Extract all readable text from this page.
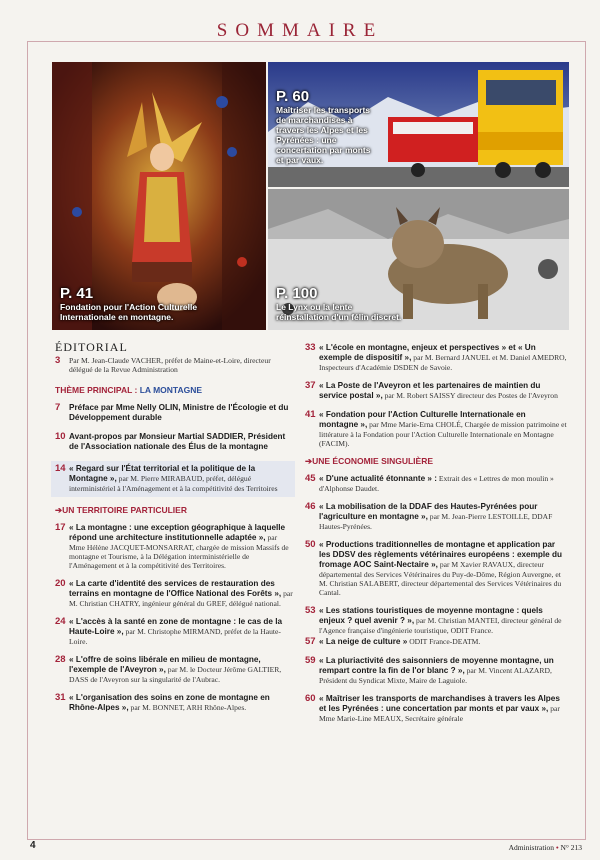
SOMMAIRE
P. 41
Fondation pour l'Action Culturelle Internationale en montagne.
P. 60
Maîtriser les transports de marchandises à travers les Alpes et les Pyrénées : une concertation par monts et par vaux.
P. 100
Le Lynx ou la lente réinstallation d'un félin discret.
ÉDITORIAL
3 Par M. Jean-Claude VACHER, préfet de Maine-et-Loire, directeur délégué de la Revue Administration
THÈME PRINCIPAL : LA MONTAGNE
7 Préface par Mme Nelly OLIN, Ministre de l'Écologie et du Développement durable
10 Avant-propos par Monsieur Martial SADDIER, Président de l'Association nationale des Élus de la montagne
14 « Regard sur l'État territorial et la politique de la Montagne », par M. Pierre MIRABAUD, préfet, délégué interministériel à l'Aménagement et à la compétitivité des Territoires
➔UN TERRITOIRE PARTICULIER
17 « La montagne : une exception géographique à laquelle répond une architecture institutionnelle adaptée », par Mme Hélène JACQUET-MONSARRAT, chargée de mission Massifs de montagne et Tourisme, à la Délégation interministérielle de l'Aménagement et à la compétitivité des Territoires.
20 « La carte d'identité des services de restauration des terrains en montagne de l'Office National des Forêts », par M. Christian CHATRY, ingénieur général du GREF, délégué national.
24 « L'accès à la santé en zone de montagne : le cas de la Haute-Loire », par M. Christophe MIRMAND, préfet de la Haute-Loire.
28 « L'offre de soins libérale en milieu de montagne, l'exemple de l'Aveyron », par M. le Docteur Jérôme GALTIER, DASS de l'Aveyron sur la singularité de l'Aubrac.
31 « L'organisation des soins en zone de montagne en Rhône-Alpes », par M. BONNET, ARH Rhône-Alpes.
33 « L'école en montagne, enjeux et perspectives » et « Un exemple de dispositif », par M. Bernard JANUEL et M. Daniel AMEDRO, Inspecteurs d'Académie DSDEN de Savoie.
37 « La Poste de l'Aveyron et les partenaires de maintien du service postal », par M. Robert SAISSY directeur des Postes de l'Aveyron
41 « Fondation pour l'Action Culturelle Internationale en montagne », par Mme Marie-Erna CHOLÉ, Chargée de mission patrimoine et littérature à la Fondation pour l'Action Culturelle Internationale en Montagne (FACIM).
➔UNE ÉCONOMIE SINGULIÈRE
45 « D'une actualité étonnante » : Extrait des « Lettres de mon moulin » d'Alphonse Daudet.
46 « La mobilisation de la DDAF des Hautes-Pyrénées pour l'agriculture en montagne », par M. Jean-Pierre LESTOILLE, DDAF Hautes-Pyrénées.
50 « Productions traditionnelles de montagne et application par les DDSV des règlements vétérinaires européens : exemple du fromage AOC Saint-Nectaire », par M Xavier RAVAUX, directeur départemental des Services Vétérinaires du Puy-de-Dôme, Région Auvergne, et M. Christian SALABERT, directeur départemental des Services Vétérinaires du Cantal.
53 « Les stations touristiques de moyenne montagne : quels enjeux ? quel avenir ? », par M. Christian MANTEI, directeur général de l'Agence française d'ingénierie touristique, ODIT France.
57 « La neige de culture » ODIT France-DEATM.
59 « La pluriactivité des saisonniers de moyenne montagne, un rempart contre la fin de l'or blanc ? », par M. Vincent ALAZARD, Président du Syndicat Mixte, Maire de Laguiole.
60 « Maîtriser les transports de marchandises à travers les Alpes et les Pyrénées : une concertation par monts et par vaux », par Mme Marie-Line MEAUX, Secrétaire générale
4	Administration • N° 213
